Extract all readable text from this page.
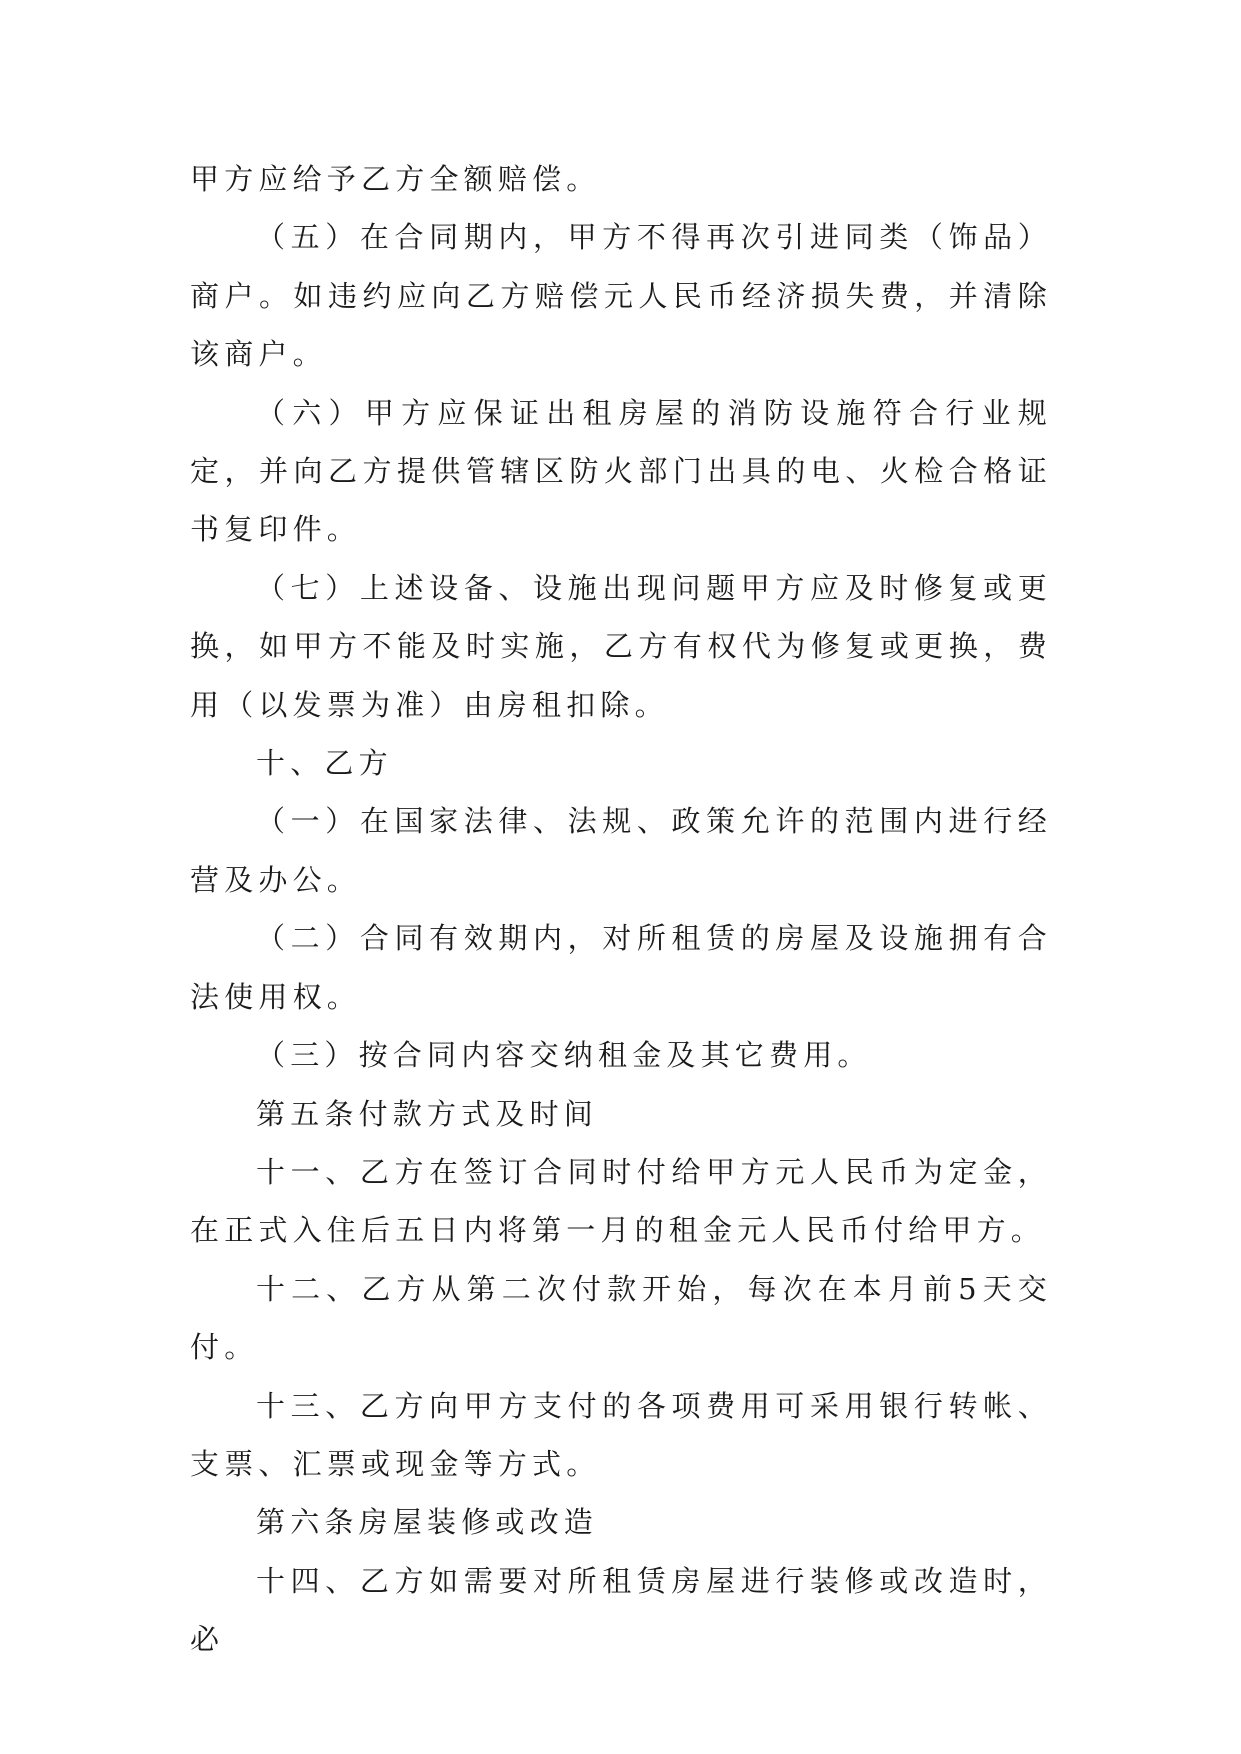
甲方应给予乙方全额赔偿。

（五）在合同期内，甲方不得再次引进同类（饰品）商户。如违约应向乙方赔偿元人民币经济损失费，并清除该商户。

（六）甲方应保证出租房屋的消防设施符合行业规定，并向乙方提供管辖区防火部门出具的电、火检合格证书复印件。

（七）上述设备、设施出现问题甲方应及时修复或更换，如甲方不能及时实施，乙方有权代为修复或更换，费用（以发票为准）由房租扣除。

十、乙方

（一）在国家法律、法规、政策允许的范围内进行经营及办公。

（二）合同有效期内，对所租赁的房屋及设施拥有合法使用权。

（三）按合同内容交纳租金及其它费用。

第五条付款方式及时间

十一、乙方在签订合同时付给甲方元人民币为定金，在正式入住后五日内将第一月的租金元人民币付给甲方。

十二、乙方从第二次付款开始，每次在本月前5天交付。

十三、乙方向甲方支付的各项费用可采用银行转帐、支票、汇票或现金等方式。

第六条房屋装修或改造

十四、乙方如需要对所租赁房屋进行装修或改造时，必
